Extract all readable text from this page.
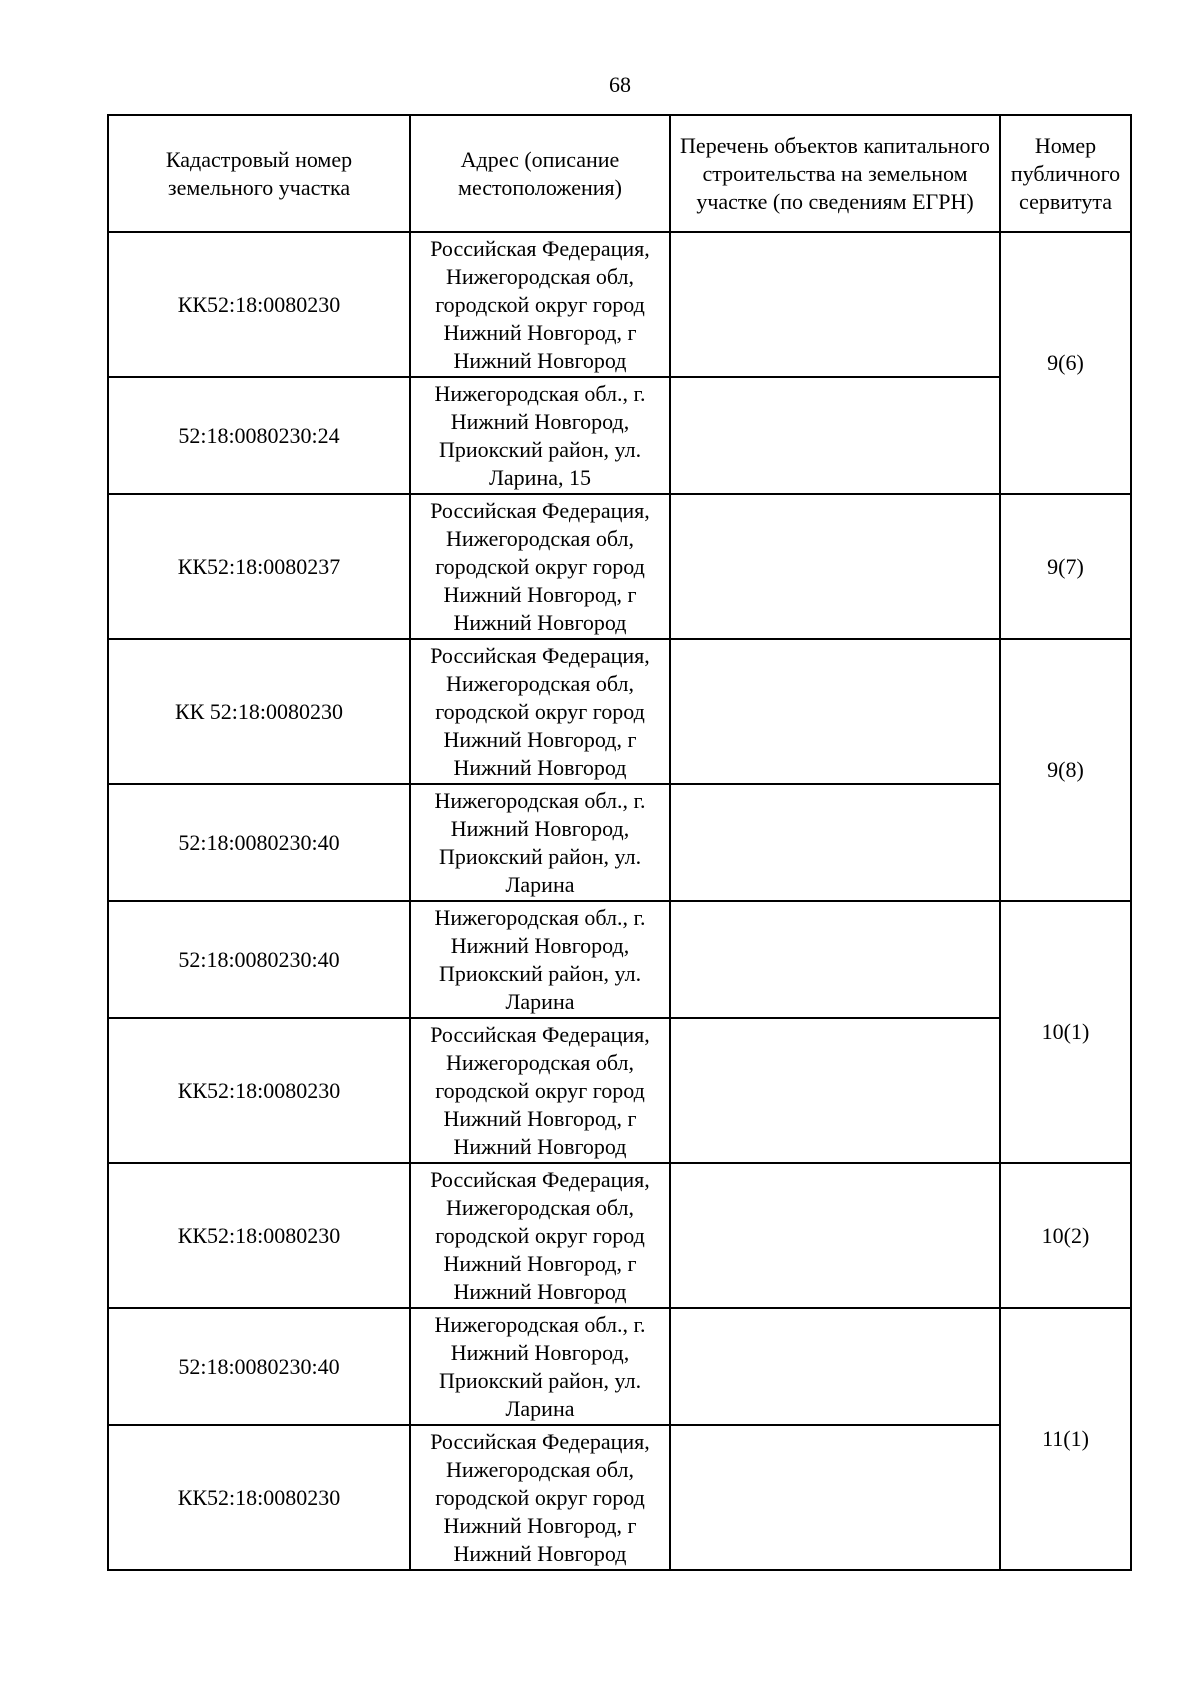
68
Кадастровый номер земельного участка	Адрес (описание местоположения)	Перечень объектов капитального строительства на земельном участке (по сведениям ЕГРН)	Номер публичного сервитута
КК52:18:0080230	Российская Федерация, Нижегородская обл, городской округ город Нижний Новгород, г Нижний Новгород		9(6)
52:18:0080230:24	Нижегородская обл., г. Нижний Новгород, Приокский район, ул. Ларина, 15		
КК52:18:0080237	Российская Федерация, Нижегородская обл, городской округ город Нижний Новгород, г Нижний Новгород		9(7)
КК 52:18:0080230	Российская Федерация, Нижегородская обл, городской округ город Нижний Новгород, г Нижний Новгород		9(8)
52:18:0080230:40	Нижегородская обл., г. Нижний Новгород, Приокский район, ул. Ларина		
52:18:0080230:40	Нижегородская обл., г. Нижний Новгород, Приокский район, ул. Ларина		10(1)
КК52:18:0080230	Российская Федерация, Нижегородская обл, городской округ город Нижний Новгород, г Нижний Новгород		
КК52:18:0080230	Российская Федерация, Нижегородская обл, городской округ город Нижний Новгород, г Нижний Новгород		10(2)
52:18:0080230:40	Нижегородская обл., г. Нижний Новгород, Приокский район, ул. Ларина		11(1)
КК52:18:0080230	Российская Федерация, Нижегородская обл, городской округ город Нижний Новгород, г Нижний Новгород		
